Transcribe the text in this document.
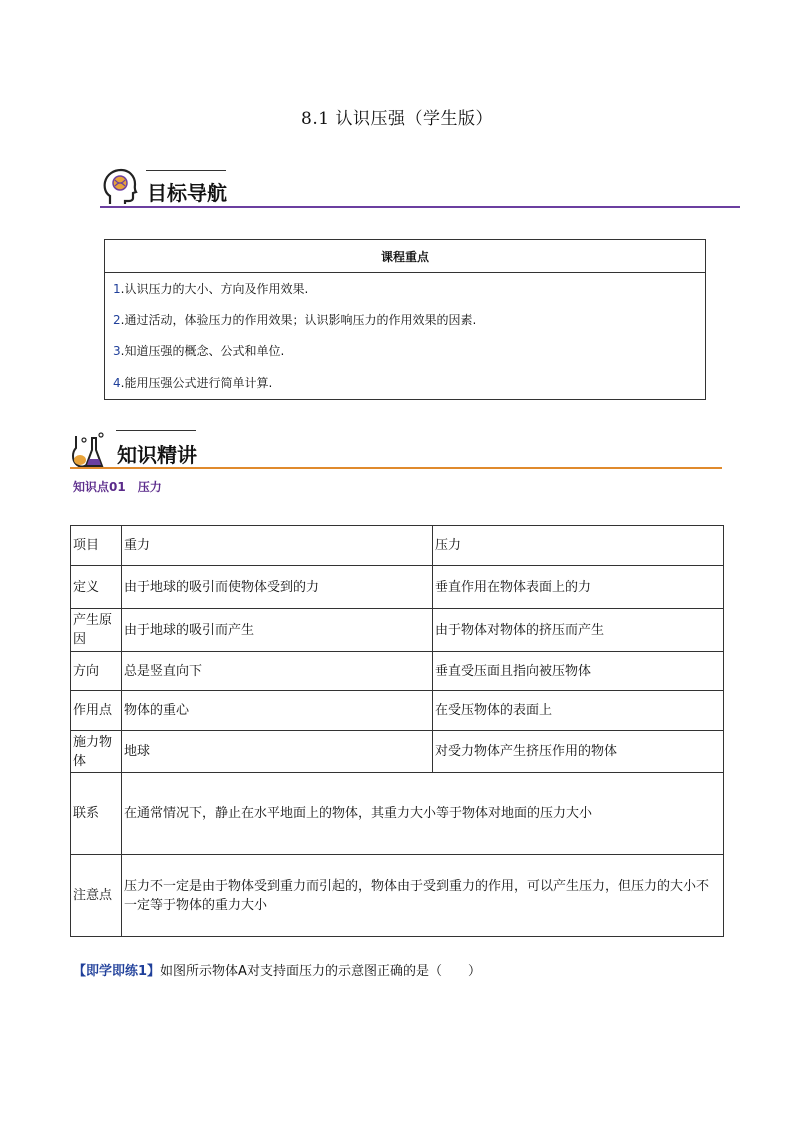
8.1 认识压强（学生版）
目标导航
课程重点
1.认识压力的大小、方向及作用效果.
2.通过活动，体验压力的作用效果；认识影响压力的作用效果的因素.
3.知道压强的概念、公式和单位.
4.能用压强公式进行简单计算.
知识精讲
知识点01　压力
项目	重力	压力
定义	由于地球的吸引而使物体受到的力	垂直作用在物体表面上的力
产生原因	由于地球的吸引而产生	由于物体对物体的挤压而产生
方向	总是竖直向下	垂直受压面且指向被压物体
作用点	物体的重心	在受压物体的表面上
施力物体	地球	对受力物体产生挤压作用的物体
联系	在通常情况下，静止在水平地面上的物体，其重力大小等于物体对地面的压力大小	
注意点	压力不一定是由于物体受到重力而引起的，物体由于受到重力的作用，可以产生压力，但压力的大小不一定等于物体的重力大小	
【即学即练1】如图所示物体A对支持面压力的示意图正确的是（　　）
